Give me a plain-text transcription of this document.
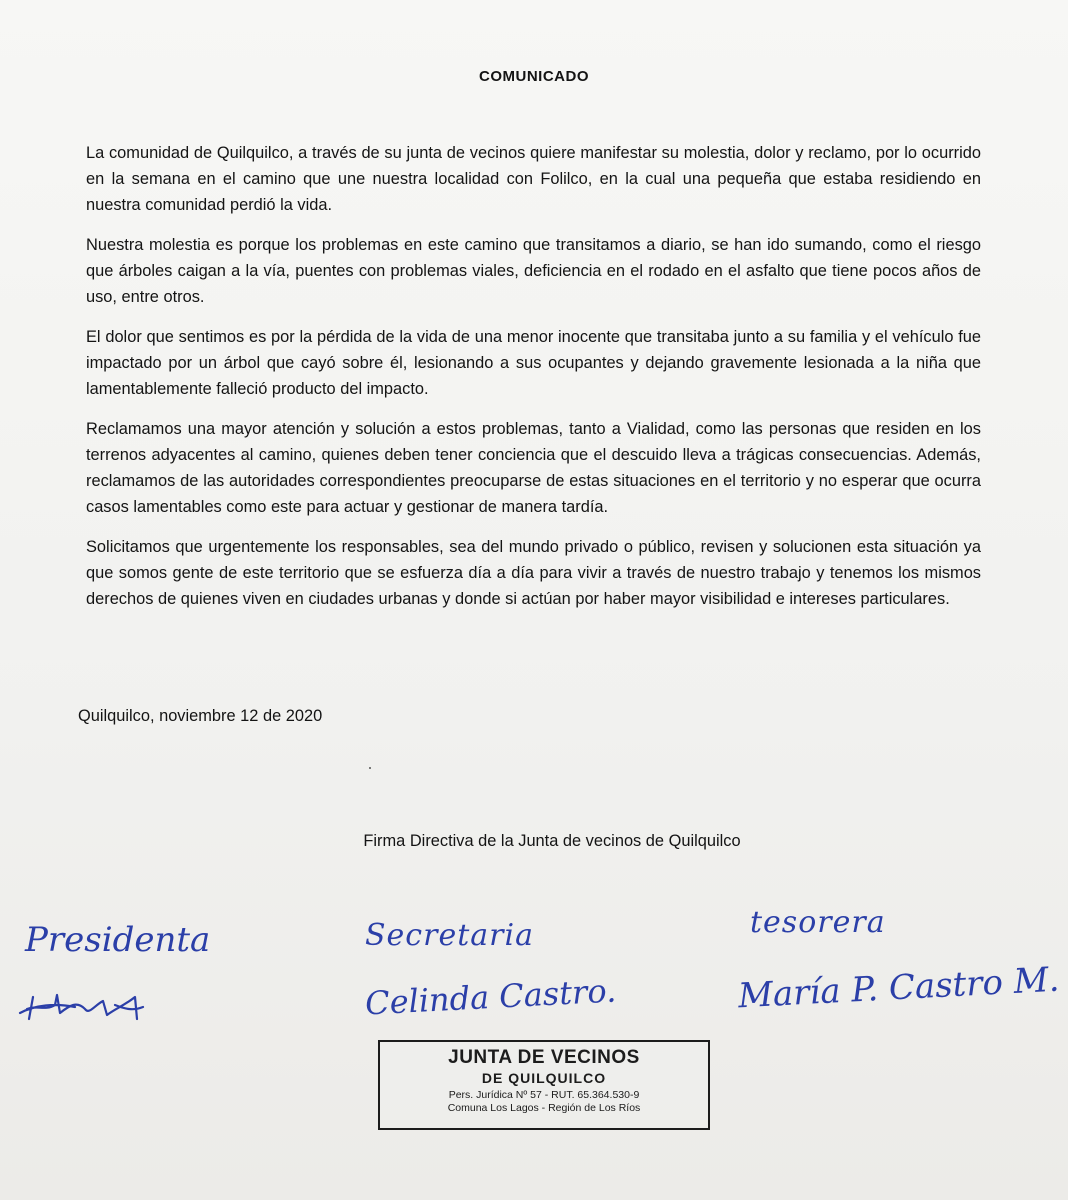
COMUNICADO

La comunidad de Quilquilco, a través de su junta de vecinos quiere manifestar su molestia, dolor y reclamo, por lo ocurrido en la semana en el camino que une nuestra localidad con Folilco, en la cual una pequeña que estaba residiendo en nuestra comunidad perdió la vida.

Nuestra molestia es porque los problemas en este camino que transitamos a diario, se han ido sumando, como el riesgo que árboles caigan a la vía, puentes con problemas viales, deficiencia en el rodado en el asfalto que tiene pocos años de uso, entre otros.

El dolor que sentimos es por la pérdida de la vida de una menor inocente que transitaba junto a su familia y el vehículo fue impactado por un árbol que cayó sobre él, lesionando a sus ocupantes y dejando gravemente lesionada a la niña que lamentablemente falleció producto del impacto.

Reclamamos una mayor atención y solución a estos problemas, tanto a Vialidad, como las personas que residen en los terrenos adyacentes al camino, quienes deben tener conciencia que el descuido lleva a trágicas consecuencias. Además, reclamamos de las autoridades correspondientes preocuparse de estas situaciones en el territorio y no esperar que ocurra casos lamentables como este para actuar y gestionar de manera tardía.

Solicitamos que urgentemente los responsables, sea del mundo privado o público, revisen y solucionen esta situación ya que somos gente de este territorio que se esfuerza día a día para vivir a través de nuestro trabajo y tenemos los mismos derechos de quienes viven en ciudades urbanas y donde si actúan por haber mayor visibilidad e intereses particulares.

Quilquilco, noviembre 12 de 2020
Firma Directiva de la Junta de vecinos de Quilquilco
Presidenta	Secretaria
Celinda Castro.
tesorera
María P. Castro M.
JUNTA DE VECINOS
DE QUILQUILCO
Pers. Jurídica Nº 57 - RUT. 65.364.530-9
Comuna Los Lagos - Región de Los Ríos
